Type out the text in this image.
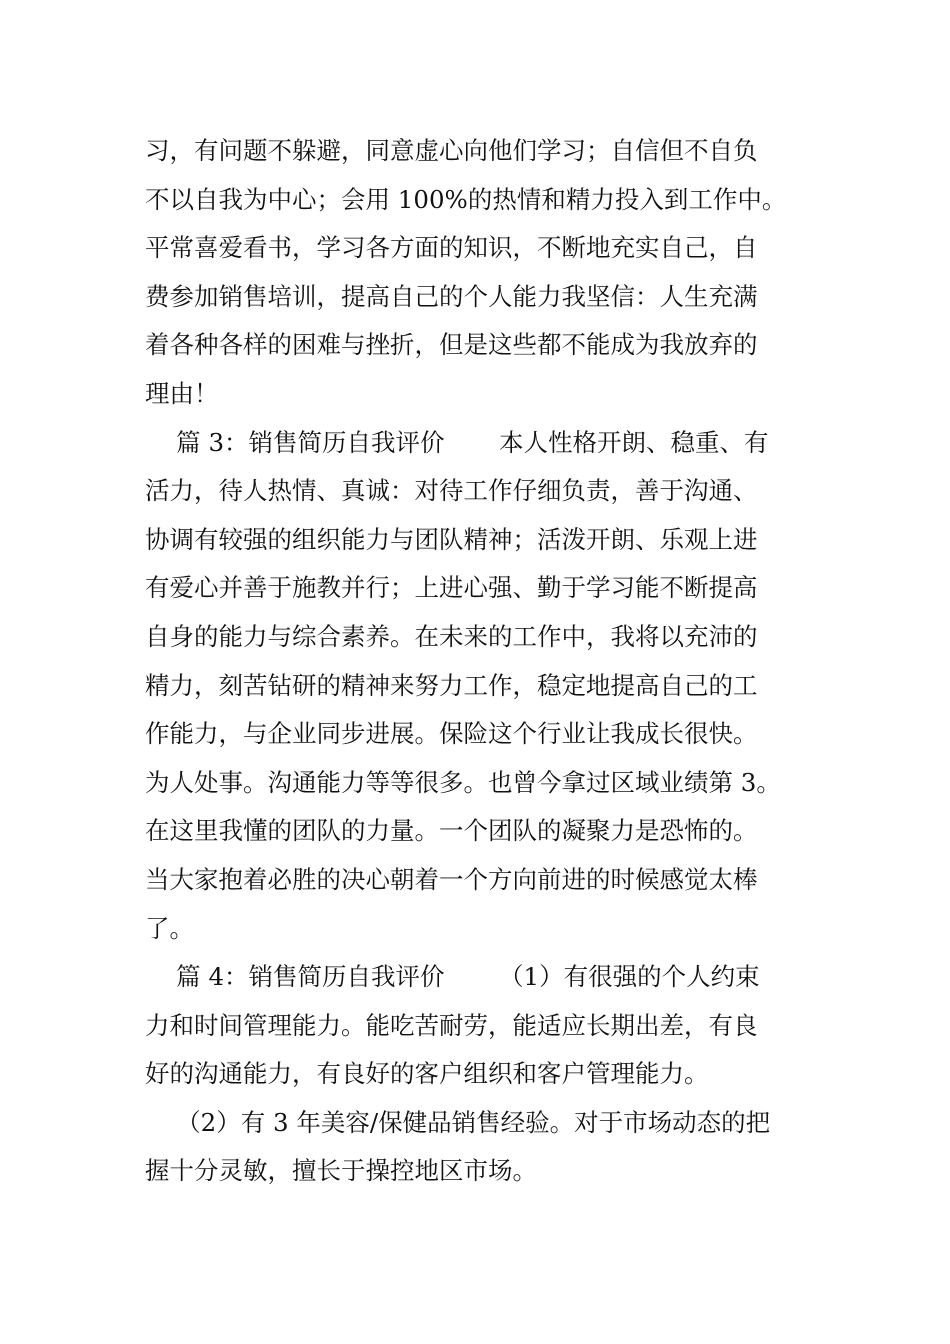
习，有问题不躲避，同意虚心向他们学习；自信但不自负
不以自我为中心；会用 100%的热情和精力投入到工作中。
平常喜爱看书，学习各方面的知识，不断地充实自己，自
费参加销售培训，提高自己的个人能力我坚信：人生充满
着各种各样的困难与挫折，但是这些都不能成为我放弃的
理由！
篇 3：销售简历自我评价       本人性格开朗、稳重、有
活力，待人热情、真诚：对待工作仔细负责，善于沟通、
协调有较强的组织能力与团队精神；活泼开朗、乐观上进
有爱心并善于施教并行；上进心强、勤于学习能不断提高
自身的能力与综合素养。在未来的工作中，我将以充沛的
精力，刻苦钻研的精神来努力工作，稳定地提高自己的工
作能力，与企业同步进展。保险这个行业让我成长很快。
为人处事。沟通能力等等很多。也曾今拿过区域业绩第 3。
在这里我懂的团队的力量。一个团队的凝聚力是恐怖的。
当大家抱着必胜的决心朝着一个方向前进的时候感觉太棒
了。
篇 4：销售简历自我评价       （1）有很强的个人约束
力和时间管理能力。能吃苦耐劳，能适应长期出差，有良
好的沟通能力，有良好的客户组织和客户管理能力。
（2）有 3 年美容/保健品销售经验。对于市场动态的把
握十分灵敏，擅长于操控地区市场。
